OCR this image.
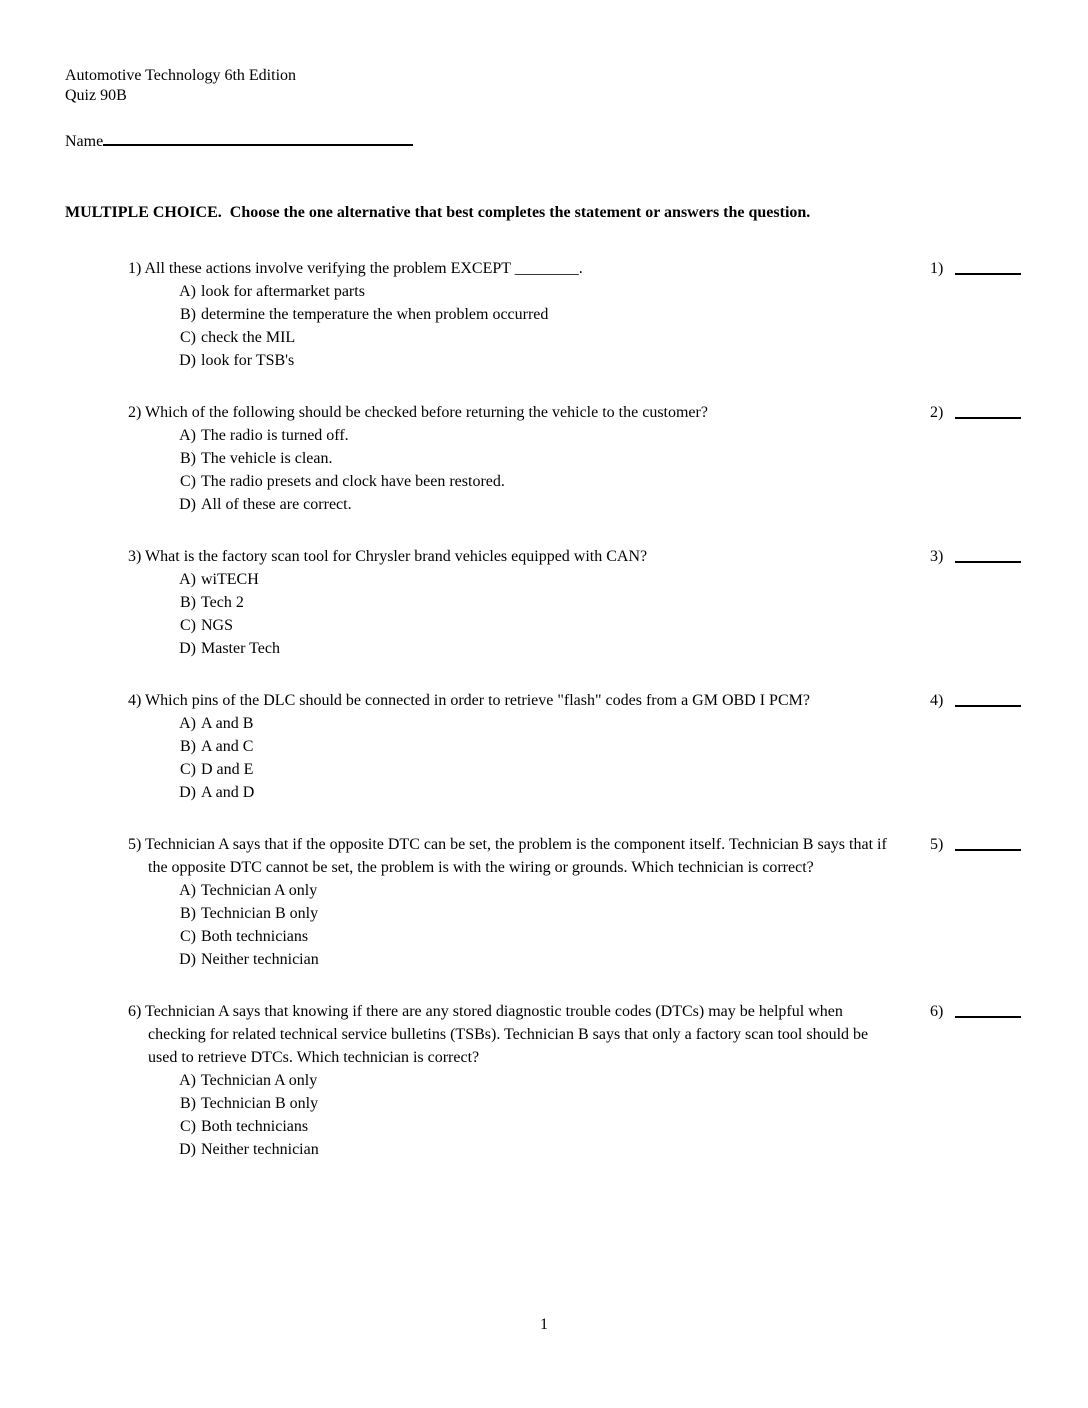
Automotive Technology 6th Edition
Quiz 90B
Name
MULTIPLE CHOICE.  Choose the one alternative that best completes the statement or answers the question.
1) All these actions involve verifying the problem EXCEPT ________.
A) look for aftermarket parts
B) determine the temperature the when problem occurred
C) check the MIL
D) look for TSB's
1)
2) Which of the following should be checked before returning the vehicle to the customer?
A) The radio is turned off.
B) The vehicle is clean.
C) The radio presets and clock have been restored.
D) All of these are correct.
2)
3) What is the factory scan tool for Chrysler brand vehicles equipped with CAN?
A) wiTECH
B) Tech 2
C) NGS
D) Master Tech
3)
4) Which pins of the DLC should be connected in order to retrieve "flash" codes from a GM OBD I PCM?
A) A and B
B) A and C
C) D and E
D) A and D
4)
5) Technician A says that if the opposite DTC can be set, the problem is the component itself. Technician B says that if the opposite DTC cannot be set, the problem is with the wiring or grounds. Which technician is correct?
A) Technician A only
B) Technician B only
C) Both technicians
D) Neither technician
5)
6) Technician A says that knowing if there are any stored diagnostic trouble codes (DTCs) may be helpful when checking for related technical service bulletins (TSBs). Technician B says that only a factory scan tool should be used to retrieve DTCs. Which technician is correct?
A) Technician A only
B) Technician B only
C) Both technicians
D) Neither technician
6)
1
